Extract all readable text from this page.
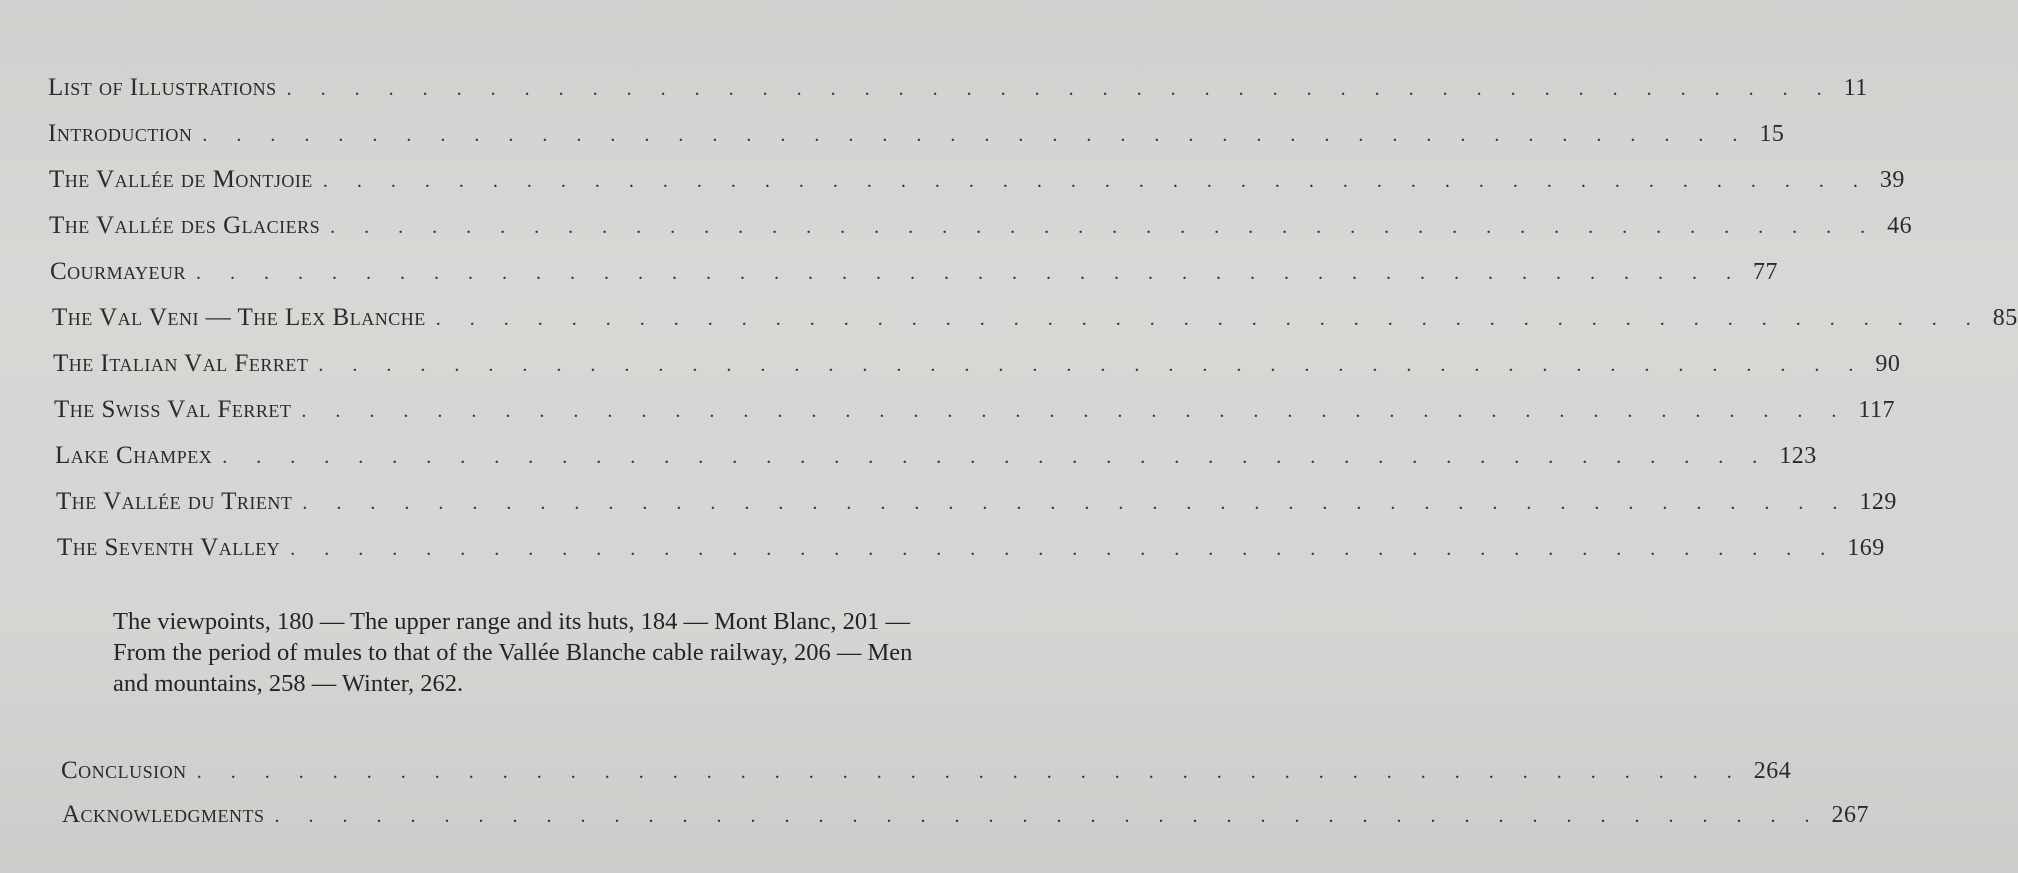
List of Illustrations . . . . . . . . . . . . . . . . . . . . . . . . . . . . . . . . . . . . . . . . . . . . . . 11
Introduction . . . . . . . . . . . . . . . . . . . . . . . . . . . . . . . . . . . . . . . . . . . . . . 15
The Vallée de Montjoie . . . . . . . . . . . . . . . . . . . . . . . . . . . . . . . . . . . . . . . . . . . . . . 39
The Vallée des Glaciers . . . . . . . . . . . . . . . . . . . . . . . . . . . . . . . . . . . . . . . . . . . . . . 46
Courmayeur . . . . . . . . . . . . . . . . . . . . . . . . . . . . . . . . . . . . . . . . . . . . . . 77
The Val Veni — The Lex Blanche . . . . . . . . . . . . . . . . . . . . . . . . . . . . . . . . . . . . . . . . . . . . . . 85
The Italian Val Ferret . . . . . . . . . . . . . . . . . . . . . . . . . . . . . . . . . . . . . . . . . . . . . . 90
The Swiss Val Ferret . . . . . . . . . . . . . . . . . . . . . . . . . . . . . . . . . . . . . . . . . . . . . . 117
Lake Champex . . . . . . . . . . . . . . . . . . . . . . . . . . . . . . . . . . . . . . . . . . . . . . 123
The Vallée du Trient . . . . . . . . . . . . . . . . . . . . . . . . . . . . . . . . . . . . . . . . . . . . . . 129
The Seventh Valley . . . . . . . . . . . . . . . . . . . . . . . . . . . . . . . . . . . . . . . . . . . . . . 169

The viewpoints, 180 — The upper range and its huts, 184 — Mont Blanc, 201 — From the period of mules to that of the Vallée Blanche cable railway, 206 — Men and mountains, 258 — Winter, 262.

Conclusion . . . . . . . . . . . . . . . . . . . . . . . . . . . . . . . . . . . . . . . . . . . . . . 264
Acknowledgments . . . . . . . . . . . . . . . . . . . . . . . . . . . . . . . . . . . . . . . . . . . . . . 267
